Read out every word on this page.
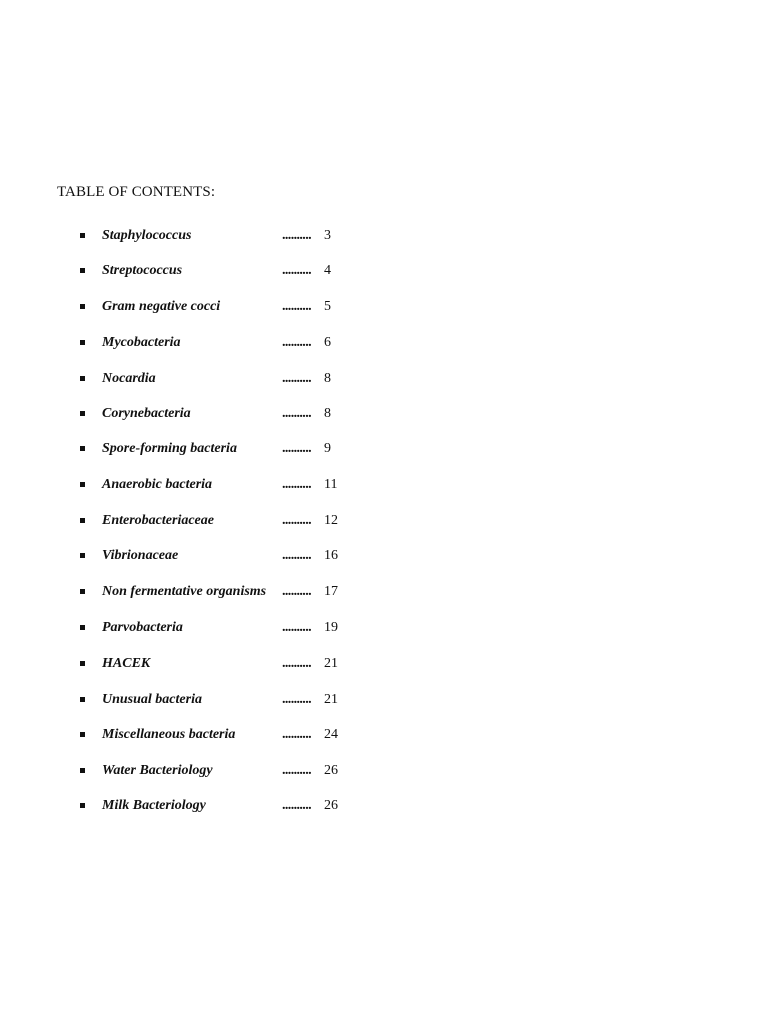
TABLE OF CONTENTS:
Staphylococcus	.......... 3
Streptococcus	.......... 4
Gram negative cocci	.......... 5
Mycobacteria	.......... 6
Nocardia	.......... 8
Corynebacteria	.......... 8
Spore-forming bacteria	.......... 9
Anaerobic bacteria	.......... 11
Enterobacteriaceae	.......... 12
Vibrionaceae	.......... 16
Non fermentative organisms .......... 17
Parvobacteria	.......... 19
HACEK	.......... 21
Unusual bacteria	.......... 21
Miscellaneous bacteria	.......... 24
Water Bacteriology	.......... 26
Milk Bacteriology	.......... 26
